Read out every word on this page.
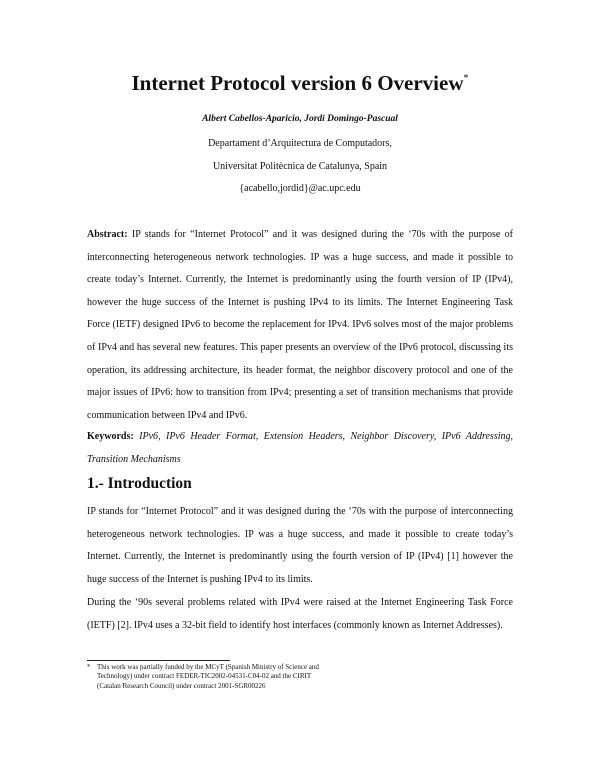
Internet Protocol version 6 Overview*
Albert Cabellos-Aparicio, Jordi Domingo-Pascual
Departament d’Arquitectura de Computadors,
Universitat Politècnica de Catalunya, Spain
{acabello,jordid}@ac.upc.edu
Abstract: IP stands for “Internet Protocol” and it was designed during the ‘70s with the purpose of interconnecting heterogeneous network technologies. IP was a huge success, and made it possible to create today’s Internet. Currently, the Internet is predominantly using the fourth version of IP (IPv4), however the huge success of the Internet is pushing IPv4 to its limits. The Internet Engineering Task Force (IETF) designed IPv6 to become the replacement for IPv4. IPv6 solves most of the major problems of IPv4 and has several new features. This paper presents an overview of the IPv6 protocol, discussing its operation, its addressing architecture, its header format, the neighbor discovery protocol and one of the major issues of IPv6: how to transition from IPv4; presenting a set of transition mechanisms that provide communication between IPv4 and IPv6.
Keywords: IPv6, IPv6 Header Format, Extension Headers, Neighbor Discovery, IPv6 Addressing, Transition Mechanisms
1.- Introduction
IP stands for “Internet Protocol” and it was designed during the ‘70s with the purpose of interconnecting heterogeneous network technologies. IP was a huge success, and made it possible to create today’s Internet. Currently, the Internet is predominantly using the fourth version of IP (IPv4) [1] however the huge success of the Internet is pushing IPv4 to its limits.
During the ‘90s several problems related with IPv4 were raised at the Internet Engineering Task Force (IETF) [2]. IPv4 uses a 32-bit field to identify host interfaces (commonly known as Internet Addresses).
* This work was partially funded by the MCyT (Spanish Ministry of Science and Technology) under contract FEDER-TIC2002-04531-C04-02 and the CIRIT (Catalan Research Council) under contract 2001-SGR00226
